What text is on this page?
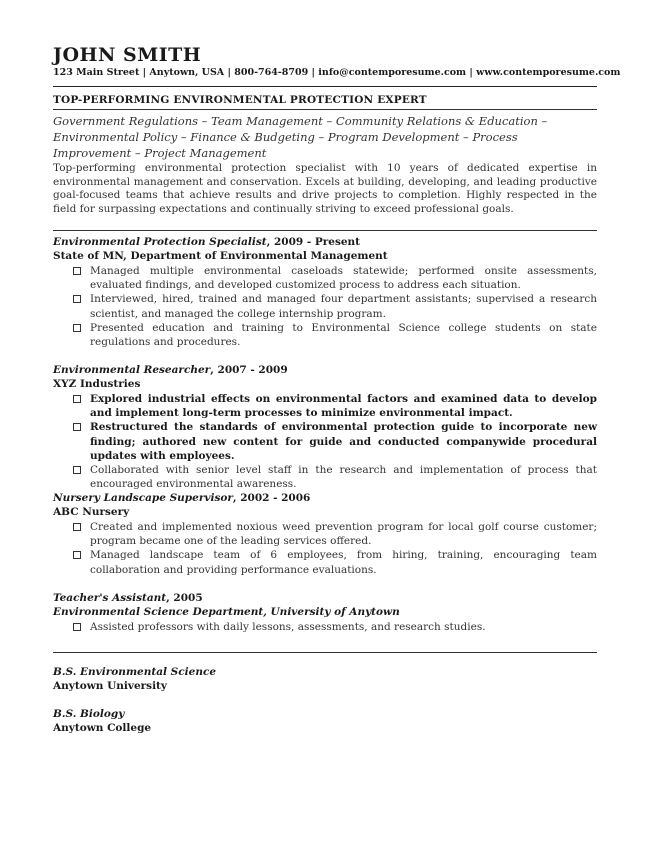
JOHN SMITH
123 Main Street | Anytown, USA | 800-764-8709 | info@contemporesume.com | www.contemporesume.com
TOP-PERFORMING ENVIRONMENTAL PROTECTION EXPERT
Government Regulations – Team Management – Community Relations & Education – Environmental Policy – Finance & Budgeting – Program Development – Process Improvement – Project Management
Top-performing environmental protection specialist with 10 years of dedicated expertise in environmental management and conservation. Excels at building, developing, and leading productive goal-focused teams that achieve results and drive projects to completion. Highly respected in the field for surpassing expectations and continually striving to exceed professional goals.
Environmental Protection Specialist, 2009 - Present
State of MN, Department of Environmental Management
Managed multiple environmental caseloads statewide; performed onsite assessments, evaluated findings, and developed customized process to address each situation.
Interviewed, hired, trained and managed four department assistants; supervised a research scientist, and managed the college internship program.
Presented education and training to Environmental Science college students on state regulations and procedures.
Environmental Researcher, 2007 - 2009
XYZ Industries
Explored industrial effects on environmental factors and examined data to develop and implement long-term processes to minimize environmental impact.
Restructured the standards of environmental protection guide to incorporate new finding; authored new content for guide and conducted companywide procedural updates with employees.
Collaborated with senior level staff in the research and implementation of process that encouraged environmental awareness.
Nursery Landscape Supervisor, 2002 - 2006
ABC Nursery
Created and implemented noxious weed prevention program for local golf course customer; program became one of the leading services offered.
Managed landscape team of 6 employees, from hiring, training, encouraging team collaboration and providing performance evaluations.
Teacher's Assistant, 2005
Environmental Science Department, University of Anytown
Assisted professors with daily lessons, assessments, and research studies.
B.S. Environmental Science
Anytown University
B.S. Biology
Anytown College
